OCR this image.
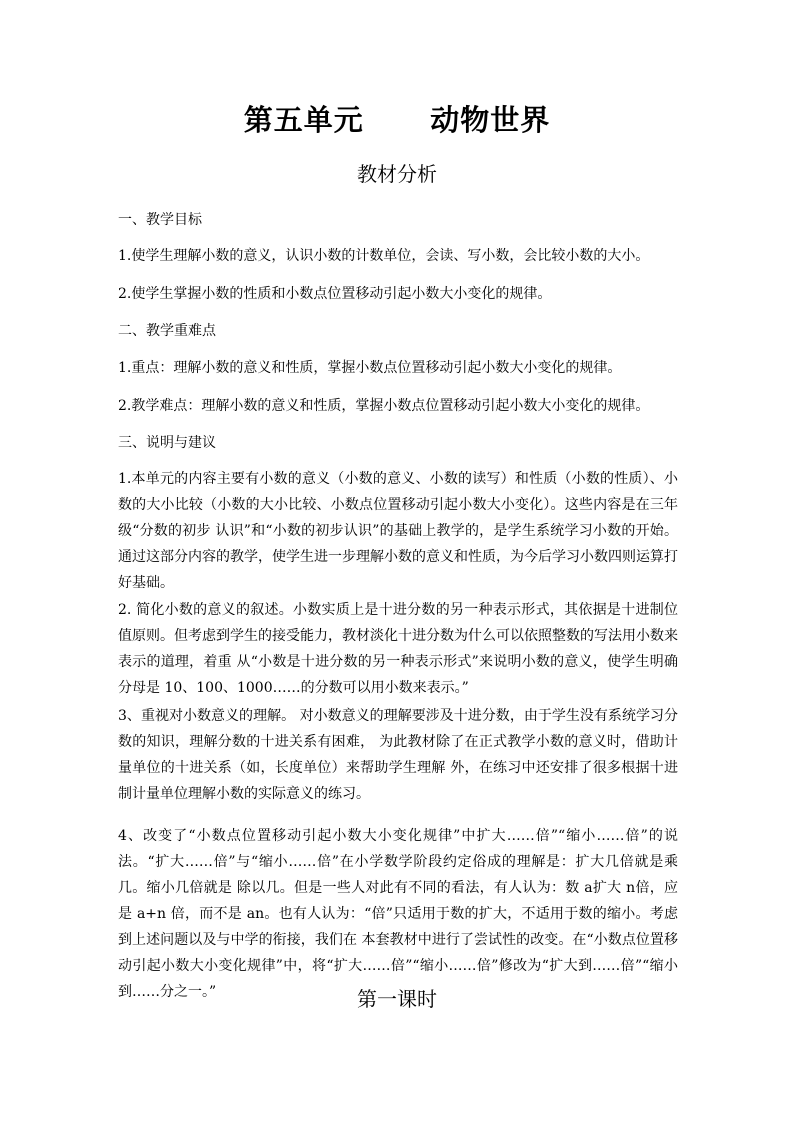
第五单元      动物世界
教材分析
一、教学目标
1.使学生理解小数的意义，认识小数的计数单位，会读、写小数，会比较小数的大小。
2.使学生掌握小数的性质和小数点位置移动引起小数大小变化的规律。
二、教学重难点
1.重点：理解小数的意义和性质，掌握小数点位置移动引起小数大小变化的规律。
2.教学难点：理解小数的意义和性质，掌握小数点位置移动引起小数大小变化的规律。
三、说明与建议
1.本单元的内容主要有小数的意义（小数的意义、小数的读写）和性质（小数的性质）、小数的大小比较（小数的大小比较、小数点位置移动引起小数大小变化）。这些内容是在三年级“分数的初步 认识”和“小数的初步认识”的基础上教学的，是学生系统学习小数的开始。通过这部分内容的教学，使学生进一步理解小数的意义和性质，为今后学习小数四则运算打好基础。
2. 简化小数的意义的叙述。小数实质上是十进分数的另一种表示形式，其依据是十进制位值原则。但考虑到学生的接受能力，教材淡化十进分数为什么可以依照整数的写法用小数来表示的道理，着重 从“小数是十进分数的另一种表示形式”来说明小数的意义，使学生明确分母是 10、100、1000……的分数可以用小数来表示。”
3、重视对小数意义的理解。 对小数意义的理解要涉及十进分数，由于学生没有系统学习分数的知识，理解分数的十进关系有困难， 为此教材除了在正式教学小数的意义时，借助计量单位的十进关系（如，长度单位）来帮助学生理解 外，在练习中还安排了很多根据十进制计量单位理解小数的实际意义的练习。
4、改变了“小数点位置移动引起小数大小变化规律”中扩大……倍”“缩小……倍”的说法。“扩大……倍”与“缩小……倍”在小学数学阶段约定俗成的理解是：扩大几倍就是乘几。缩小几倍就是 除以几。但是一些人对此有不同的看法，有人认为：数 a扩大 n倍，应是 a+n 倍，而不是 an。也有人认为：“倍”只适用于数的扩大，不适用于数的缩小。考虑到上述问题以及与中学的衔接，我们在 本套教材中进行了尝试性的改变。在“小数点位置移动引起小数大小变化规律”中，将“扩大……倍”“缩小……倍”修改为“扩大到……倍”“缩小到……分之一。”	第一课时
